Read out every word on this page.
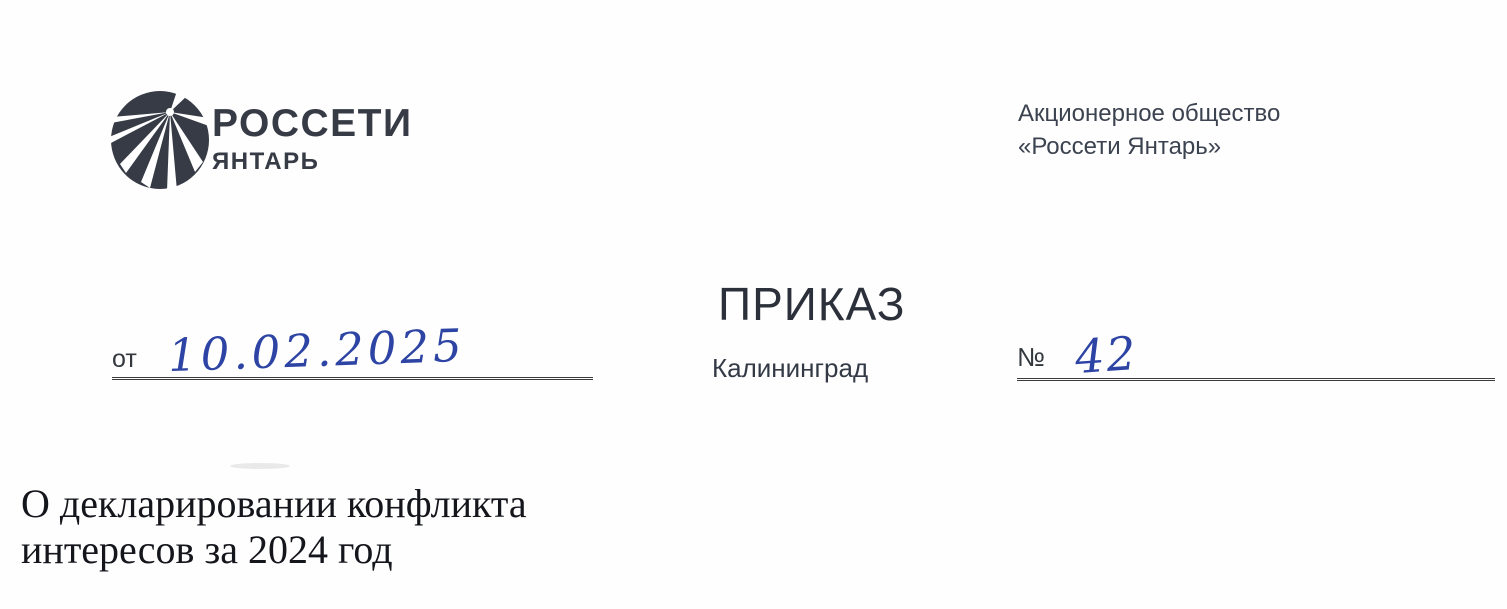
РОССЕТИ
ЯНТАРЬ
Акционерное общество
«Россети Янтарь»
ПРИКАЗ
Калининград
от 10.02.2025	№ 42
О декларировании конфликта
интересов за 2024 год
